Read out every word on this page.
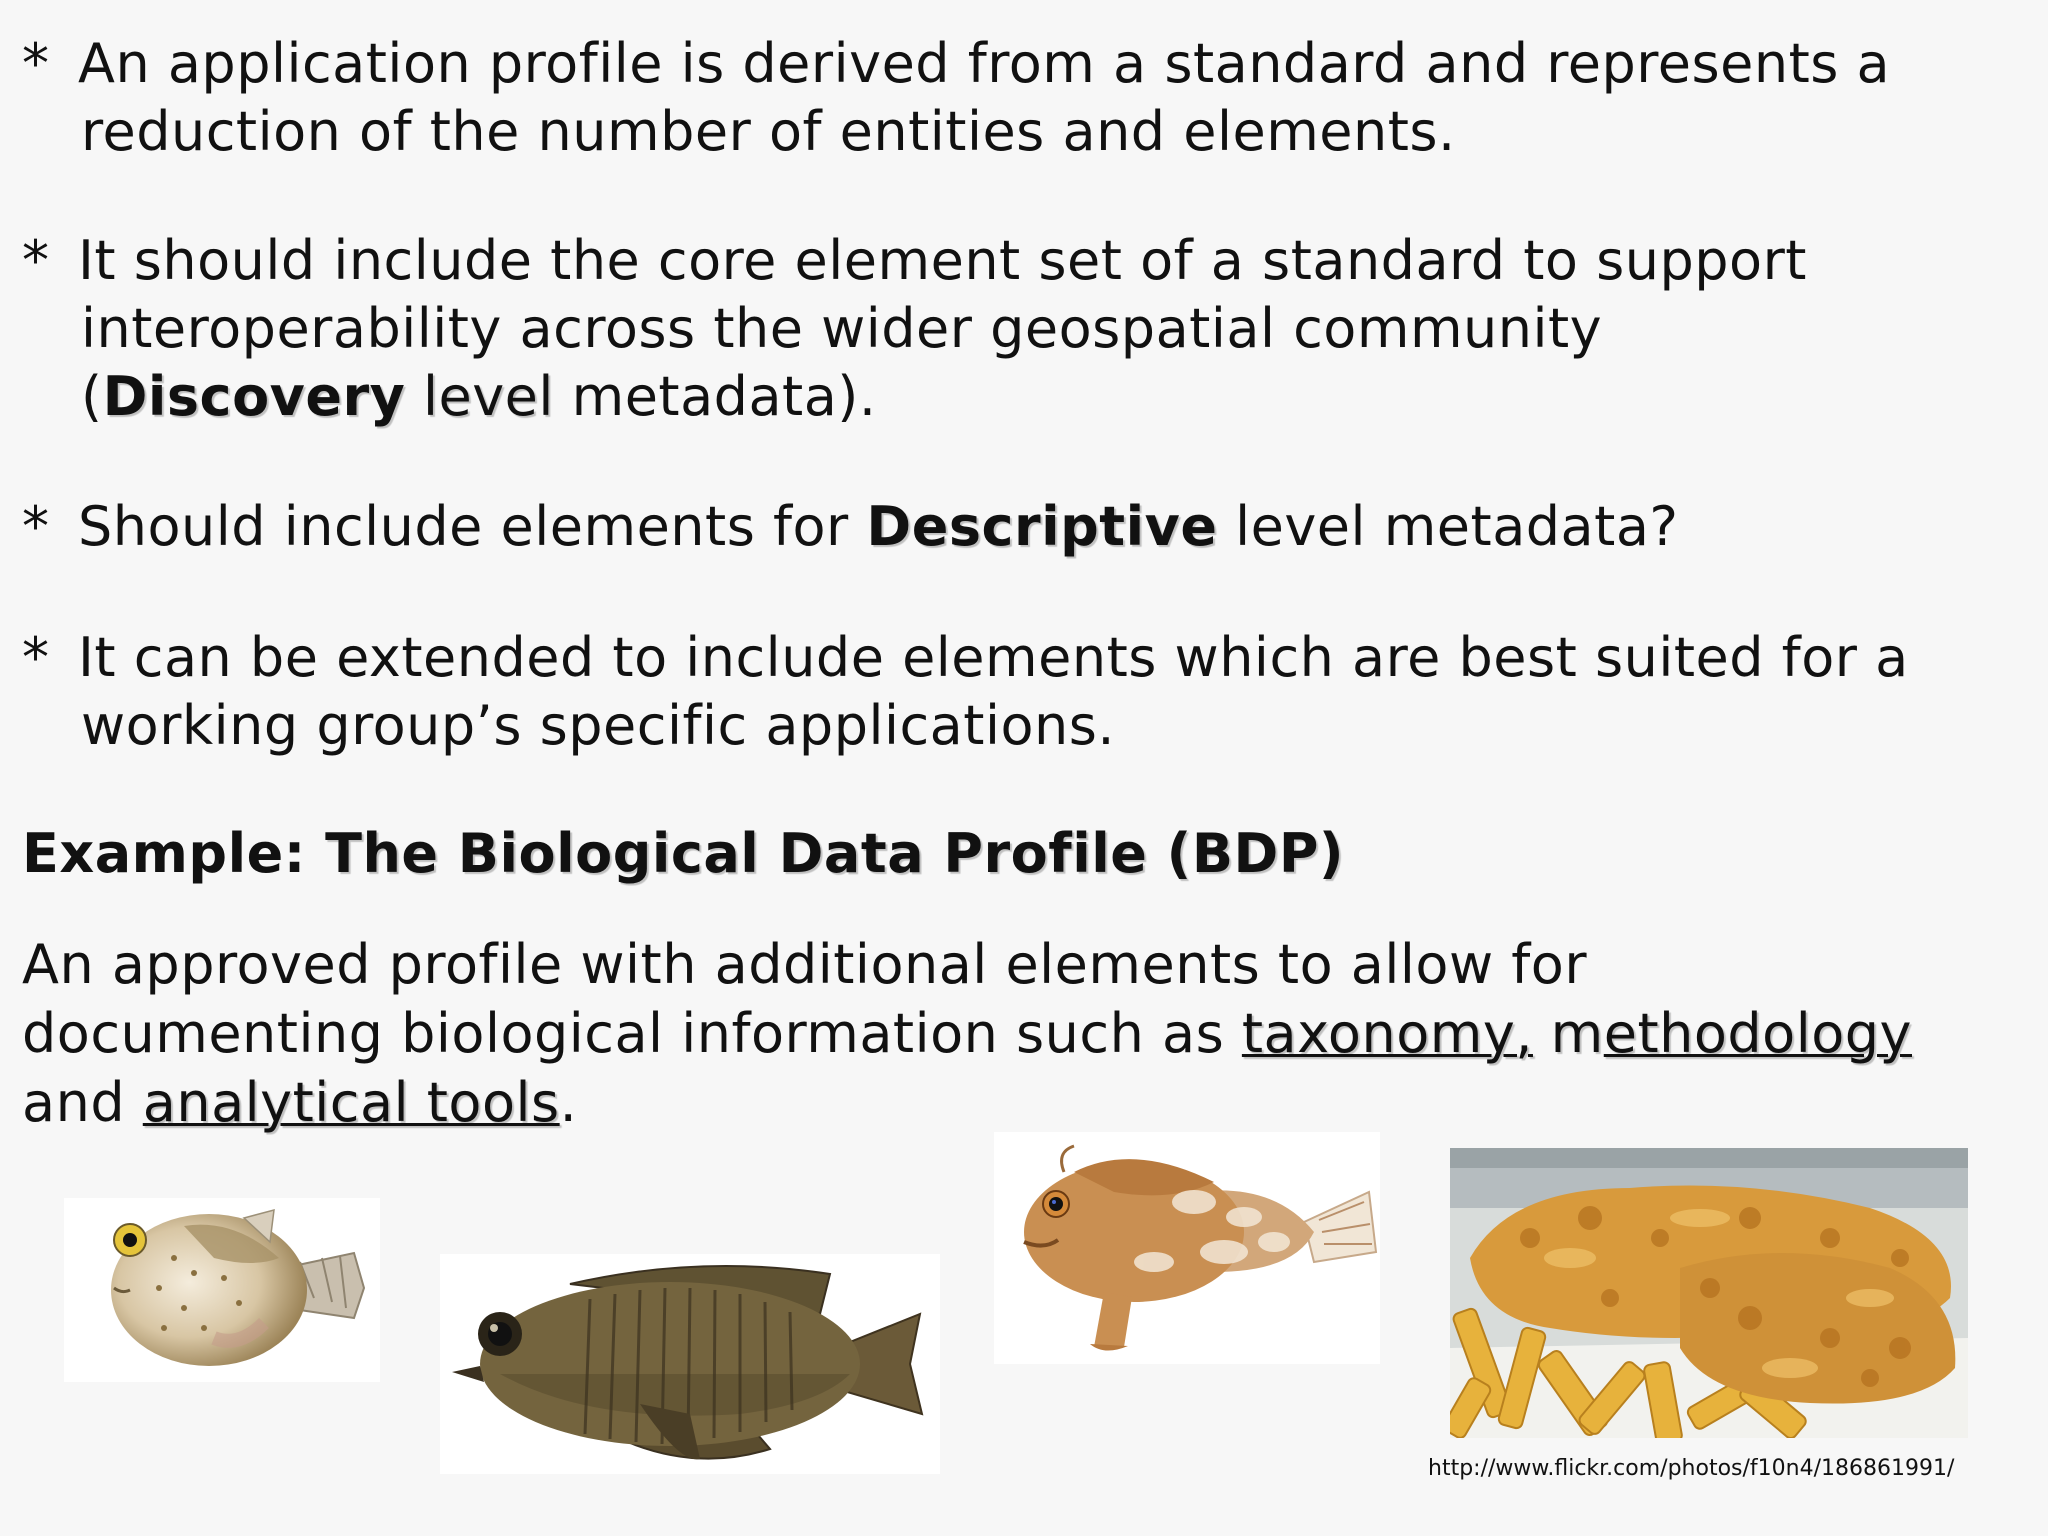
* An application profile is derived from a standard and represents a
reduction of the number of entities and elements.
* It should include the core element set of a standard to support
interoperability across the wider geospatial community
(Discovery level metadata).
* Should include elements for Descriptive level metadata?
* It can be extended to include elements which are best suited for a
working group’s specific applications.
Example: The Biological Data Profile (BDP)
An approved profile with additional elements to allow for
documenting biological information such as taxonomy, methodology
and analytical tools.
http://www.flickr.com/photos/f10n4/186861991/
